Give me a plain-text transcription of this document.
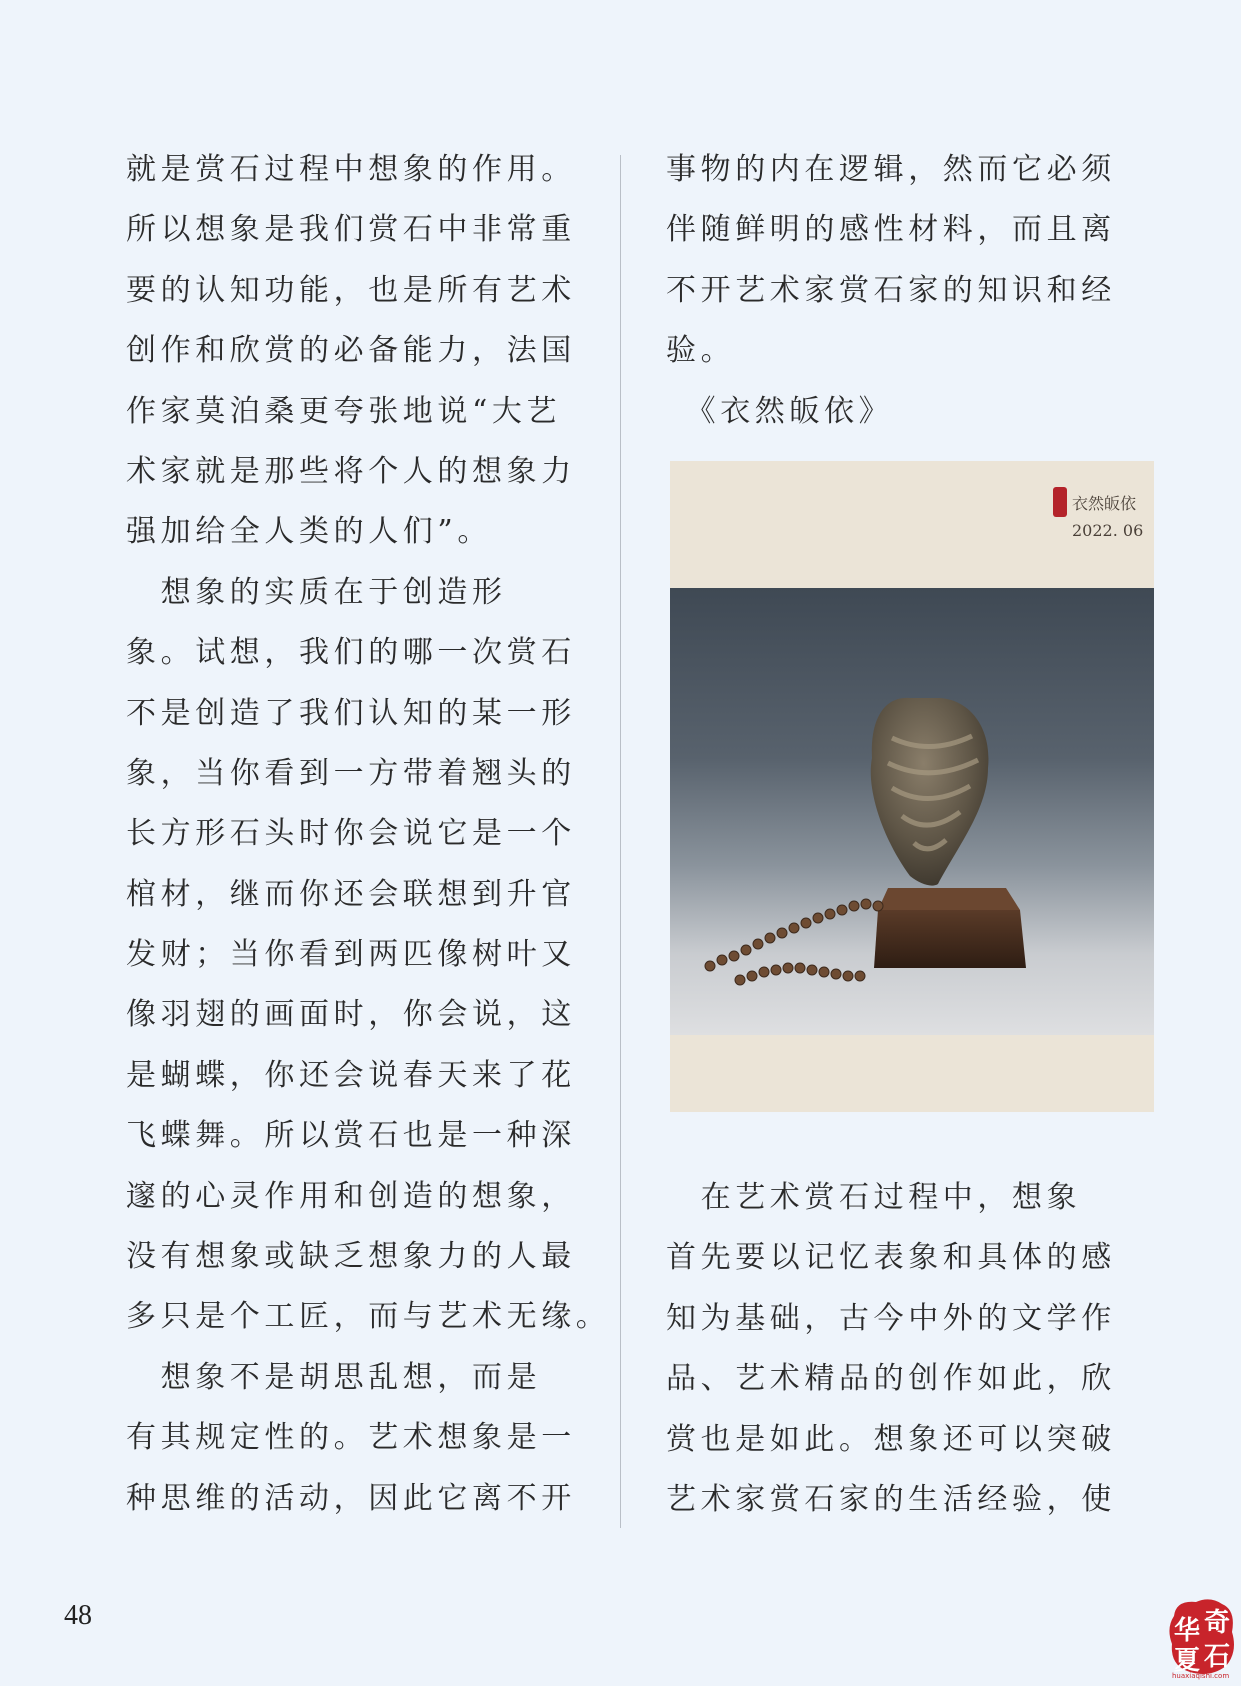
就是赏石过程中想象的作用。
所以想象是我们赏石中非常重
要的认知功能，也是所有艺术
创作和欣赏的必备能力，法国
作家莫泊桑更夸张地说“大艺
术家就是那些将个人的想象力
强加给全人类的人们”。
　想象的实质在于创造形
象。试想，我们的哪一次赏石
不是创造了我们认知的某一形
象，当你看到一方带着翘头的
长方形石头时你会说它是一个
棺材，继而你还会联想到升官
发财；当你看到两匹像树叶又
像羽翅的画面时，你会说，这
是蝴蝶，你还会说春天来了花
飞蝶舞。所以赏石也是一种深
邃的心灵作用和创造的想象，
没有想象或缺乏想象力的人最
多只是个工匠，而与艺术无缘。
　想象不是胡思乱想，而是
有其规定性的。艺术想象是一
种思维的活动，因此它离不开
事物的内在逻辑，然而它必须
伴随鲜明的感性材料，而且离
不开艺术家赏石家的知识和经
验。
　《衣然皈依》
衣然皈依
2022. 06
　在艺术赏石过程中，想象
首先要以记忆表象和具体的感
知为基础，古今中外的文学作
品、艺术精品的创作如此，欣
赏也是如此。想象还可以突破
艺术家赏石家的生活经验，使
48	华 奇
夏 石
huaxiaqishi.com
